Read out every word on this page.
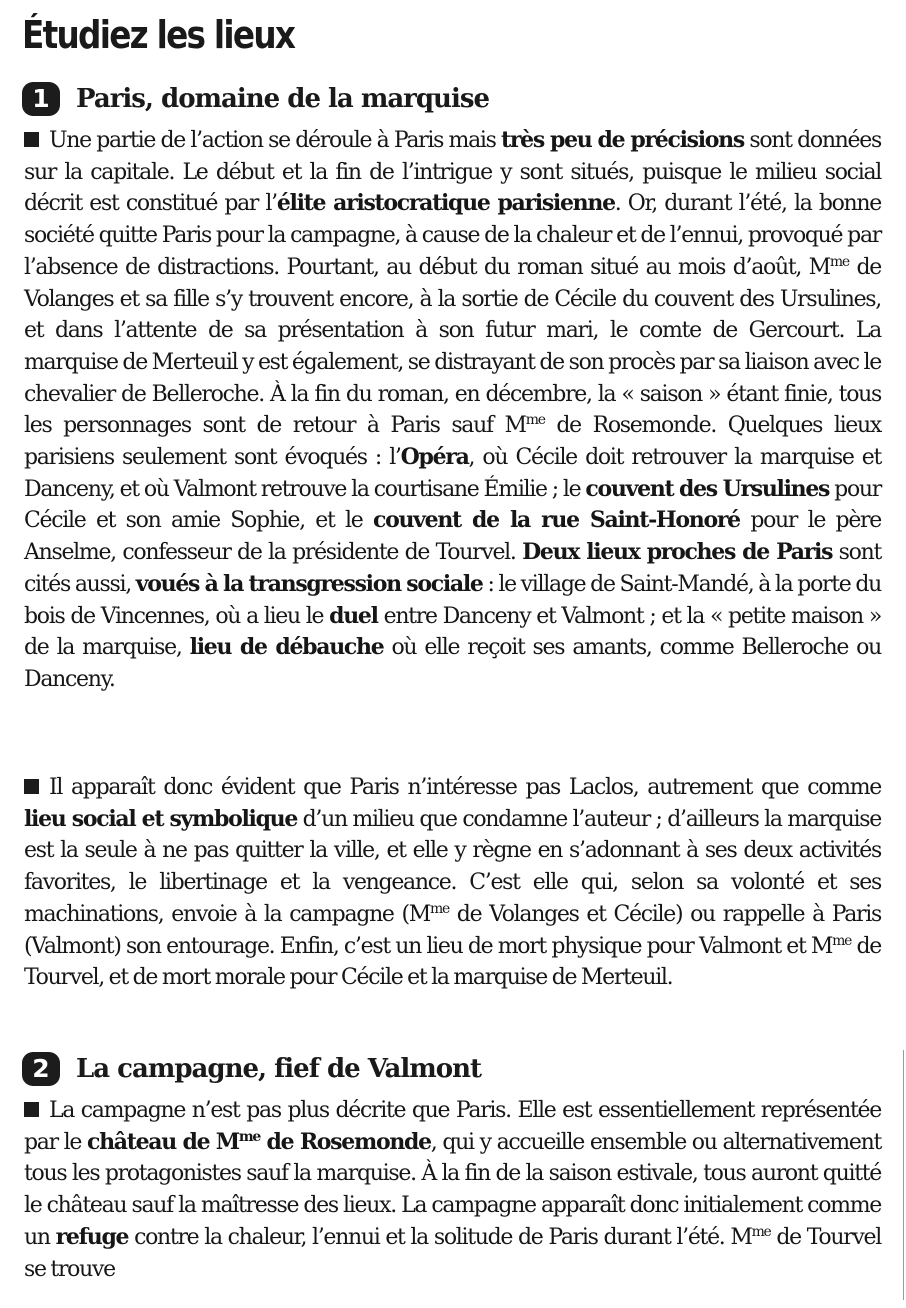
Étudiez les lieux
1	Paris, domaine de la marquise

Une partie de l’action se déroule à Paris mais très peu de précisions sont données sur la capitale. Le début et la fin de l’intrigue y sont situés, puisque le milieu social décrit est constitué par l’élite aristocratique parisienne. Or, durant l’été, la bonne société quitte Paris pour la campagne, à cause de la chaleur et de l’ennui, provoqué par l’absence de distractions. Pourtant, au début du roman situé au mois d’août, $M^{me}$ de Volanges et sa fille s’y trouvent encore, à la sortie de Cécile du couvent des Ursulines, et dans l’attente de sa présentation à son futur mari, le comte de Gercourt. La marquise de Merteuil y est également, se distrayant de son procès par sa liaison avec le chevalier de Belleroche. À la fin du roman, en décembre, la « saison » étant finie, tous les personnages sont de retour à Paris sauf $M^{me}$ de Rosemonde. Quelques lieux parisiens seulement sont évoqués : l’Opéra, où Cécile doit retrouver la marquise et Danceny, et où Valmont retrouve la courtisane Émilie ; le couvent des Ursulines pour Cécile et son amie Sophie, et le couvent de la rue Saint-Honoré pour le père Anselme, confesseur de la présidente de Tourvel. Deux lieux proches de Paris sont cités aussi, voués à la transgression sociale : le village de Saint-Mandé, à la porte du bois de Vincennes, où a lieu le duel entre Danceny et Valmont ; et la « petite maison » de la marquise, lieu de débauche où elle reçoit ses amants, comme Belleroche ou Danceny.

Il apparaît donc évident que Paris n’intéresse pas Laclos, autrement que comme lieu social et symbolique d’un milieu que condamne l’auteur ; d’ailleurs la marquise est la seule à ne pas quitter la ville, et elle y règne en s’adonnant à ses deux activités favorites, le libertinage et la vengeance. C’est elle qui, selon sa volonté et ses machinations, envoie à la campagne ($M^{me}$ de Volanges et Cécile) ou rappelle à Paris (Valmont) son entourage. Enfin, c’est un lieu de mort physique pour Valmont et $M^{me}$ de Tourvel, et de mort morale pour Cécile et la marquise de Merteuil.

2	La campagne, fief de Valmont

La campagne n’est pas plus décrite que Paris. Elle est essentiellement représentée par le château de $M^{me}$ de Rosemonde, qui y accueille ensemble ou alternativement tous les protagonistes sauf la marquise. À la fin de la saison estivale, tous auront quitté le château sauf la maîtresse des lieux. La campagne apparaît donc initialement comme un refuge contre la chaleur, l’ennui et la solitude de Paris durant l’été. $M^{me}$ de Tourvel se trouve
